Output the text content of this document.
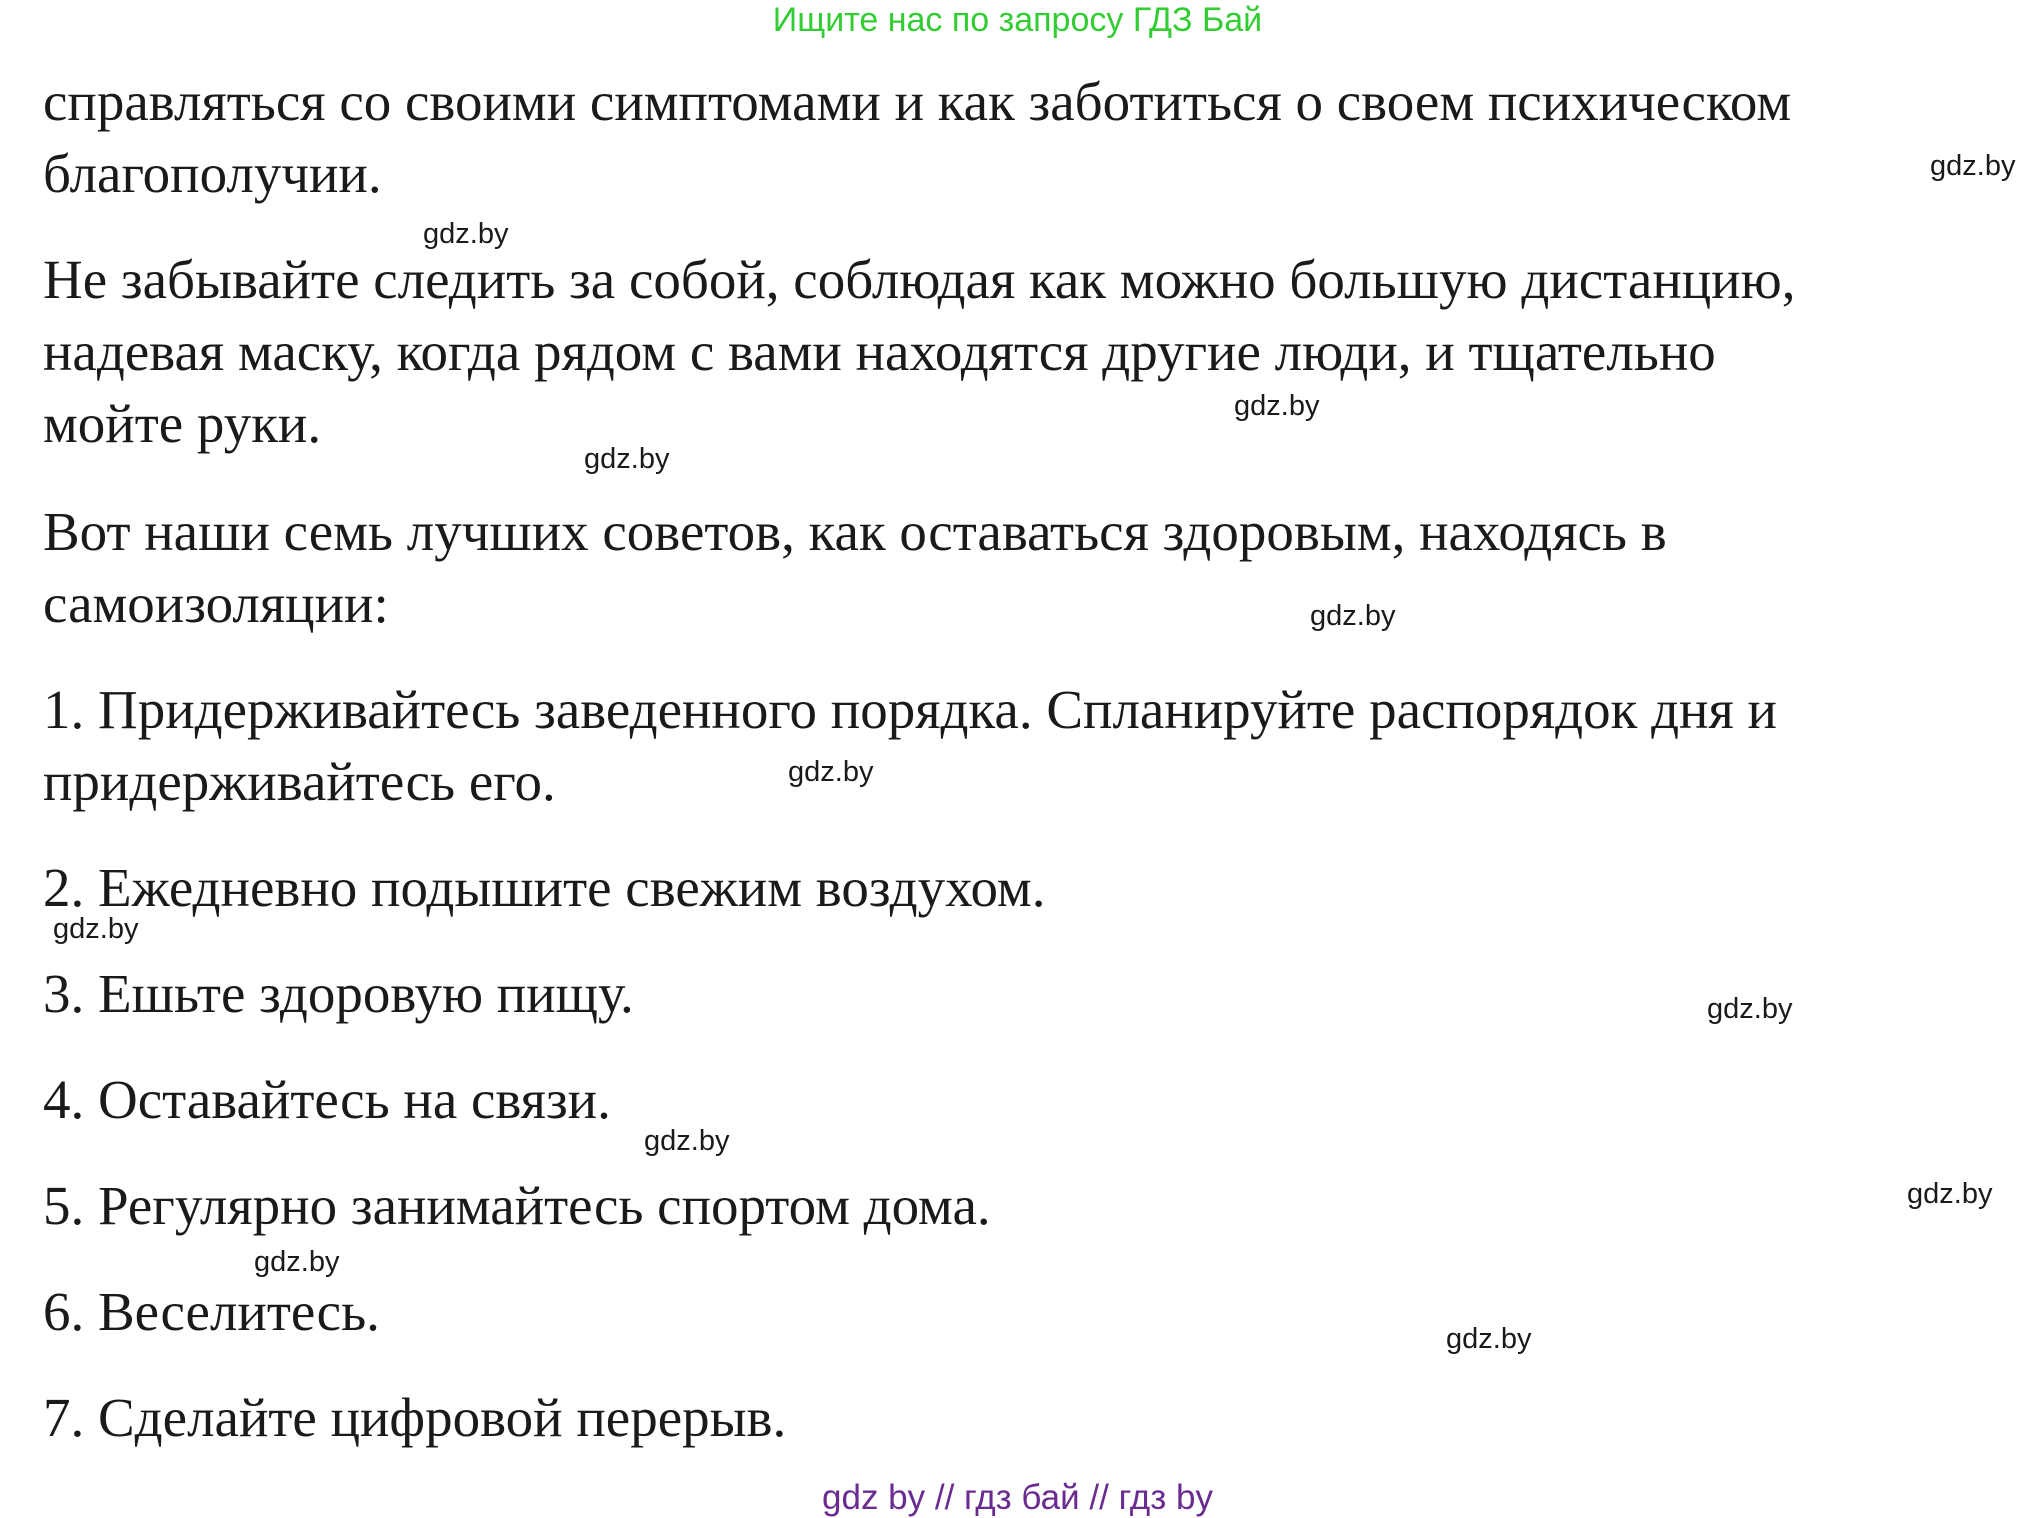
Ищите нас по запросу ГДЗ Бай
справляться со своими симптомами и как заботиться о своем психическом
благополучии.
Не забывайте следить за собой, соблюдая как можно большую дистанцию,
надевая маску, когда рядом с вами находятся другие люди, и тщательно
мойте руки.
Вот наши семь лучших советов, как оставаться здоровым, находясь в
самоизоляции:
1. Придерживайтесь заведенного порядка. Спланируйте распорядок дня и
придерживайтесь его.
2. Ежедневно подышите свежим воздухом.
3. Ешьте здоровую пищу.
4. Оставайтесь на связи.
5. Регулярно занимайтесь спортом дома.
6. Веселитесь.
7. Сделайте цифровой перерыв.
gdz.by
gdz.by
gdz.by
gdz.by
gdz.by
gdz.by
gdz.by
gdz.by
gdz.by
gdz.by
gdz.by
gdz.by
gdz by // гдз бай // гдз by
